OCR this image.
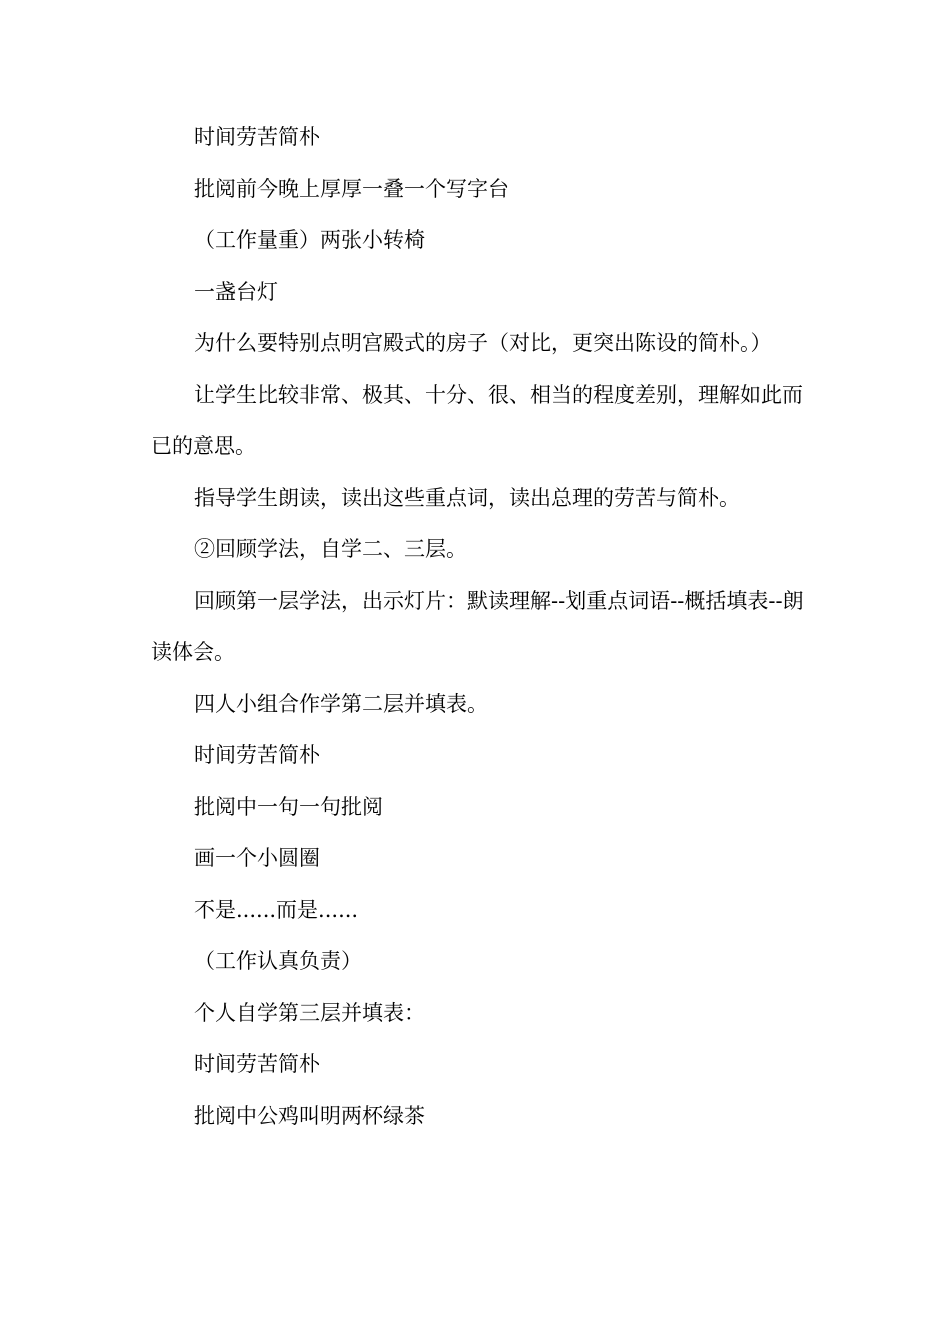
时间劳苦简朴

批阅前今晚上厚厚一叠一个写字台

（工作量重）两张小转椅

一盏台灯

为什么要特别点明宫殿式的房子（对比，更突出陈设的简朴。）

让学生比较非常、极其、十分、很、相当的程度差别，理解如此而已的意思。

指导学生朗读，读出这些重点词，读出总理的劳苦与简朴。

②回顾学法，自学二、三层。

回顾第一层学法，出示灯片：默读理解--划重点词语--概括填表--朗读体会。

四人小组合作学第二层并填表。

时间劳苦简朴

批阅中一句一句批阅

画一个小圆圈

不是......而是......

（工作认真负责）

个人自学第三层并填表：

时间劳苦简朴

批阅中公鸡叫明两杯绿茶
